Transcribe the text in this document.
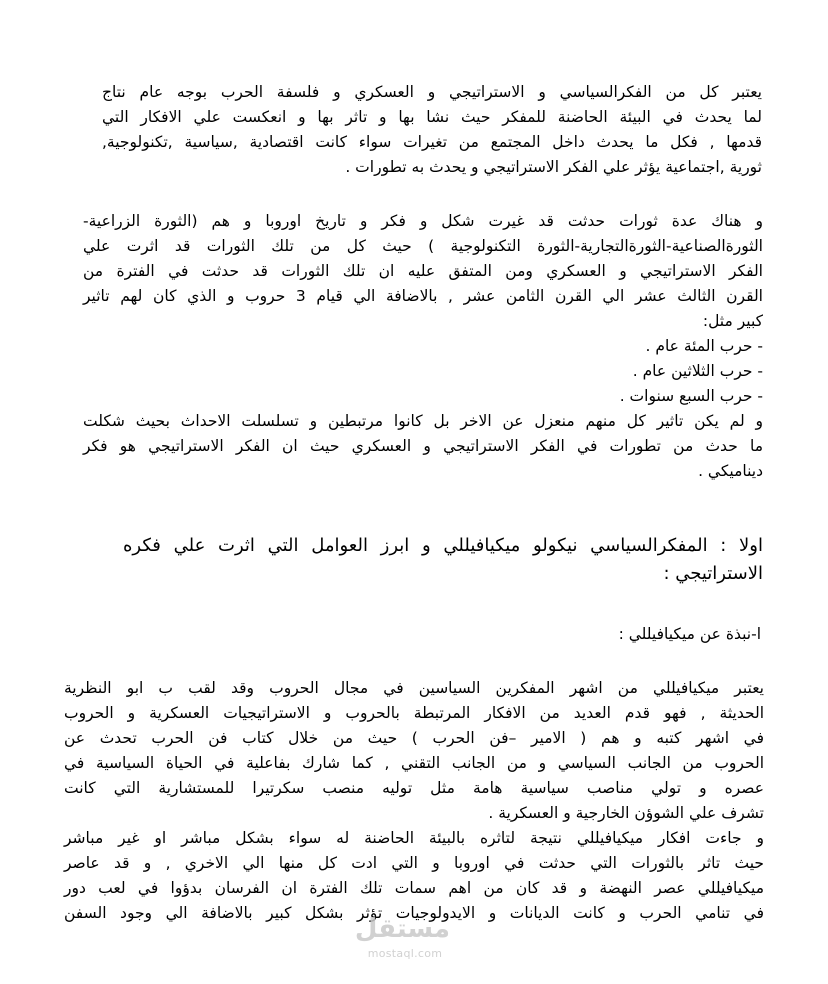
يعتبر كل من الفكرالسياسي و الاستراتيجي و العسكري و فلسفة الحرب بوجه عام نتاج
لما يحدث في البيئة الحاضنة للمفكر حيث نشا بها و تاثر بها و انعكست علي الافكار التي
قدمها , فكل ما يحدث داخل المجتمع من تغيرات سواء كانت اقتصادية ,سياسية ,تكنولوجية,
ثورية ,اجتماعية يؤثر علي الفكر الاستراتيجي و يحدث به تطورات .
و هناك عدة ثورات حدثت قد غيرت شكل و فكر و تاريخ اوروبا و هم (الثورة الزراعية-
الثورةالصناعية-الثورةالتجارية-الثورة التكنولوجية ) حيث كل من تلك الثورات قد اثرت علي
الفكر الاستراتيجي و العسكري ومن المتفق عليه ان تلك الثورات قد حدثت في الفترة من
القرن الثالث عشر الي القرن الثامن عشر , بالاضافة الي قيام 3 حروب و الذي كان لهم تاثير
كبير مثل:
- حرب المئة عام .
- حرب الثلاثين عام .
- حرب السبع سنوات .
و لم يكن تاثير كل منهم منعزل عن الاخر بل كانوا مرتبطين و تسلسلت الاحداث بحيث شكلت
ما حدث من تطورات في الفكر الاستراتيجي و العسكري حيث ان الفكر الاستراتيجي هو فكر
ديناميكي .
اولا : المفكرالسياسي نيكولو ميكيافيللي و ابرز العوامل التي اثرت علي فكره
الاستراتيجي :
ا-نبذة عن ميكيافيللي :
يعتبر ميكيافيللي من اشهر المفكرين السياسين في مجال الحروب وقد لقب ب ابو النظرية
الحديثة , فهو قدم العديد من الافكار المرتبطة بالحروب و الاستراتيجيات العسكرية و الحروب
في اشهر كتبه و هم ( الامير –فن الحرب ) حيث من خلال كتاب فن الحرب تحدث عن
الحروب من الجانب السياسي و من الجانب التقني , كما شارك بفاعلية في الحياة السياسية في
عصره و تولي مناصب سياسية هامة مثل توليه منصب سكرتيرا للمستشارية التي كانت
تشرف علي الشوؤن الخارجية و العسكرية .
و جاءت افكار ميكيافيللي نتيجة لتاثره بالبيئة الحاضنة له سواء بشكل مباشر او غير مباشر
حيث تاثر بالثورات التي حدثت في اوروبا و التي ادت كل منها الي الاخري , و قد عاصر
ميكيافيللي عصر النهضة و قد كان من اهم سمات تلك الفترة ان الفرسان بدؤوا في لعب دور
في تنامي الحرب و كانت الديانات و الايدولوجيات تؤثر بشكل كبير بالاضافة الي وجود السفن
مستقل
mostaql.com
